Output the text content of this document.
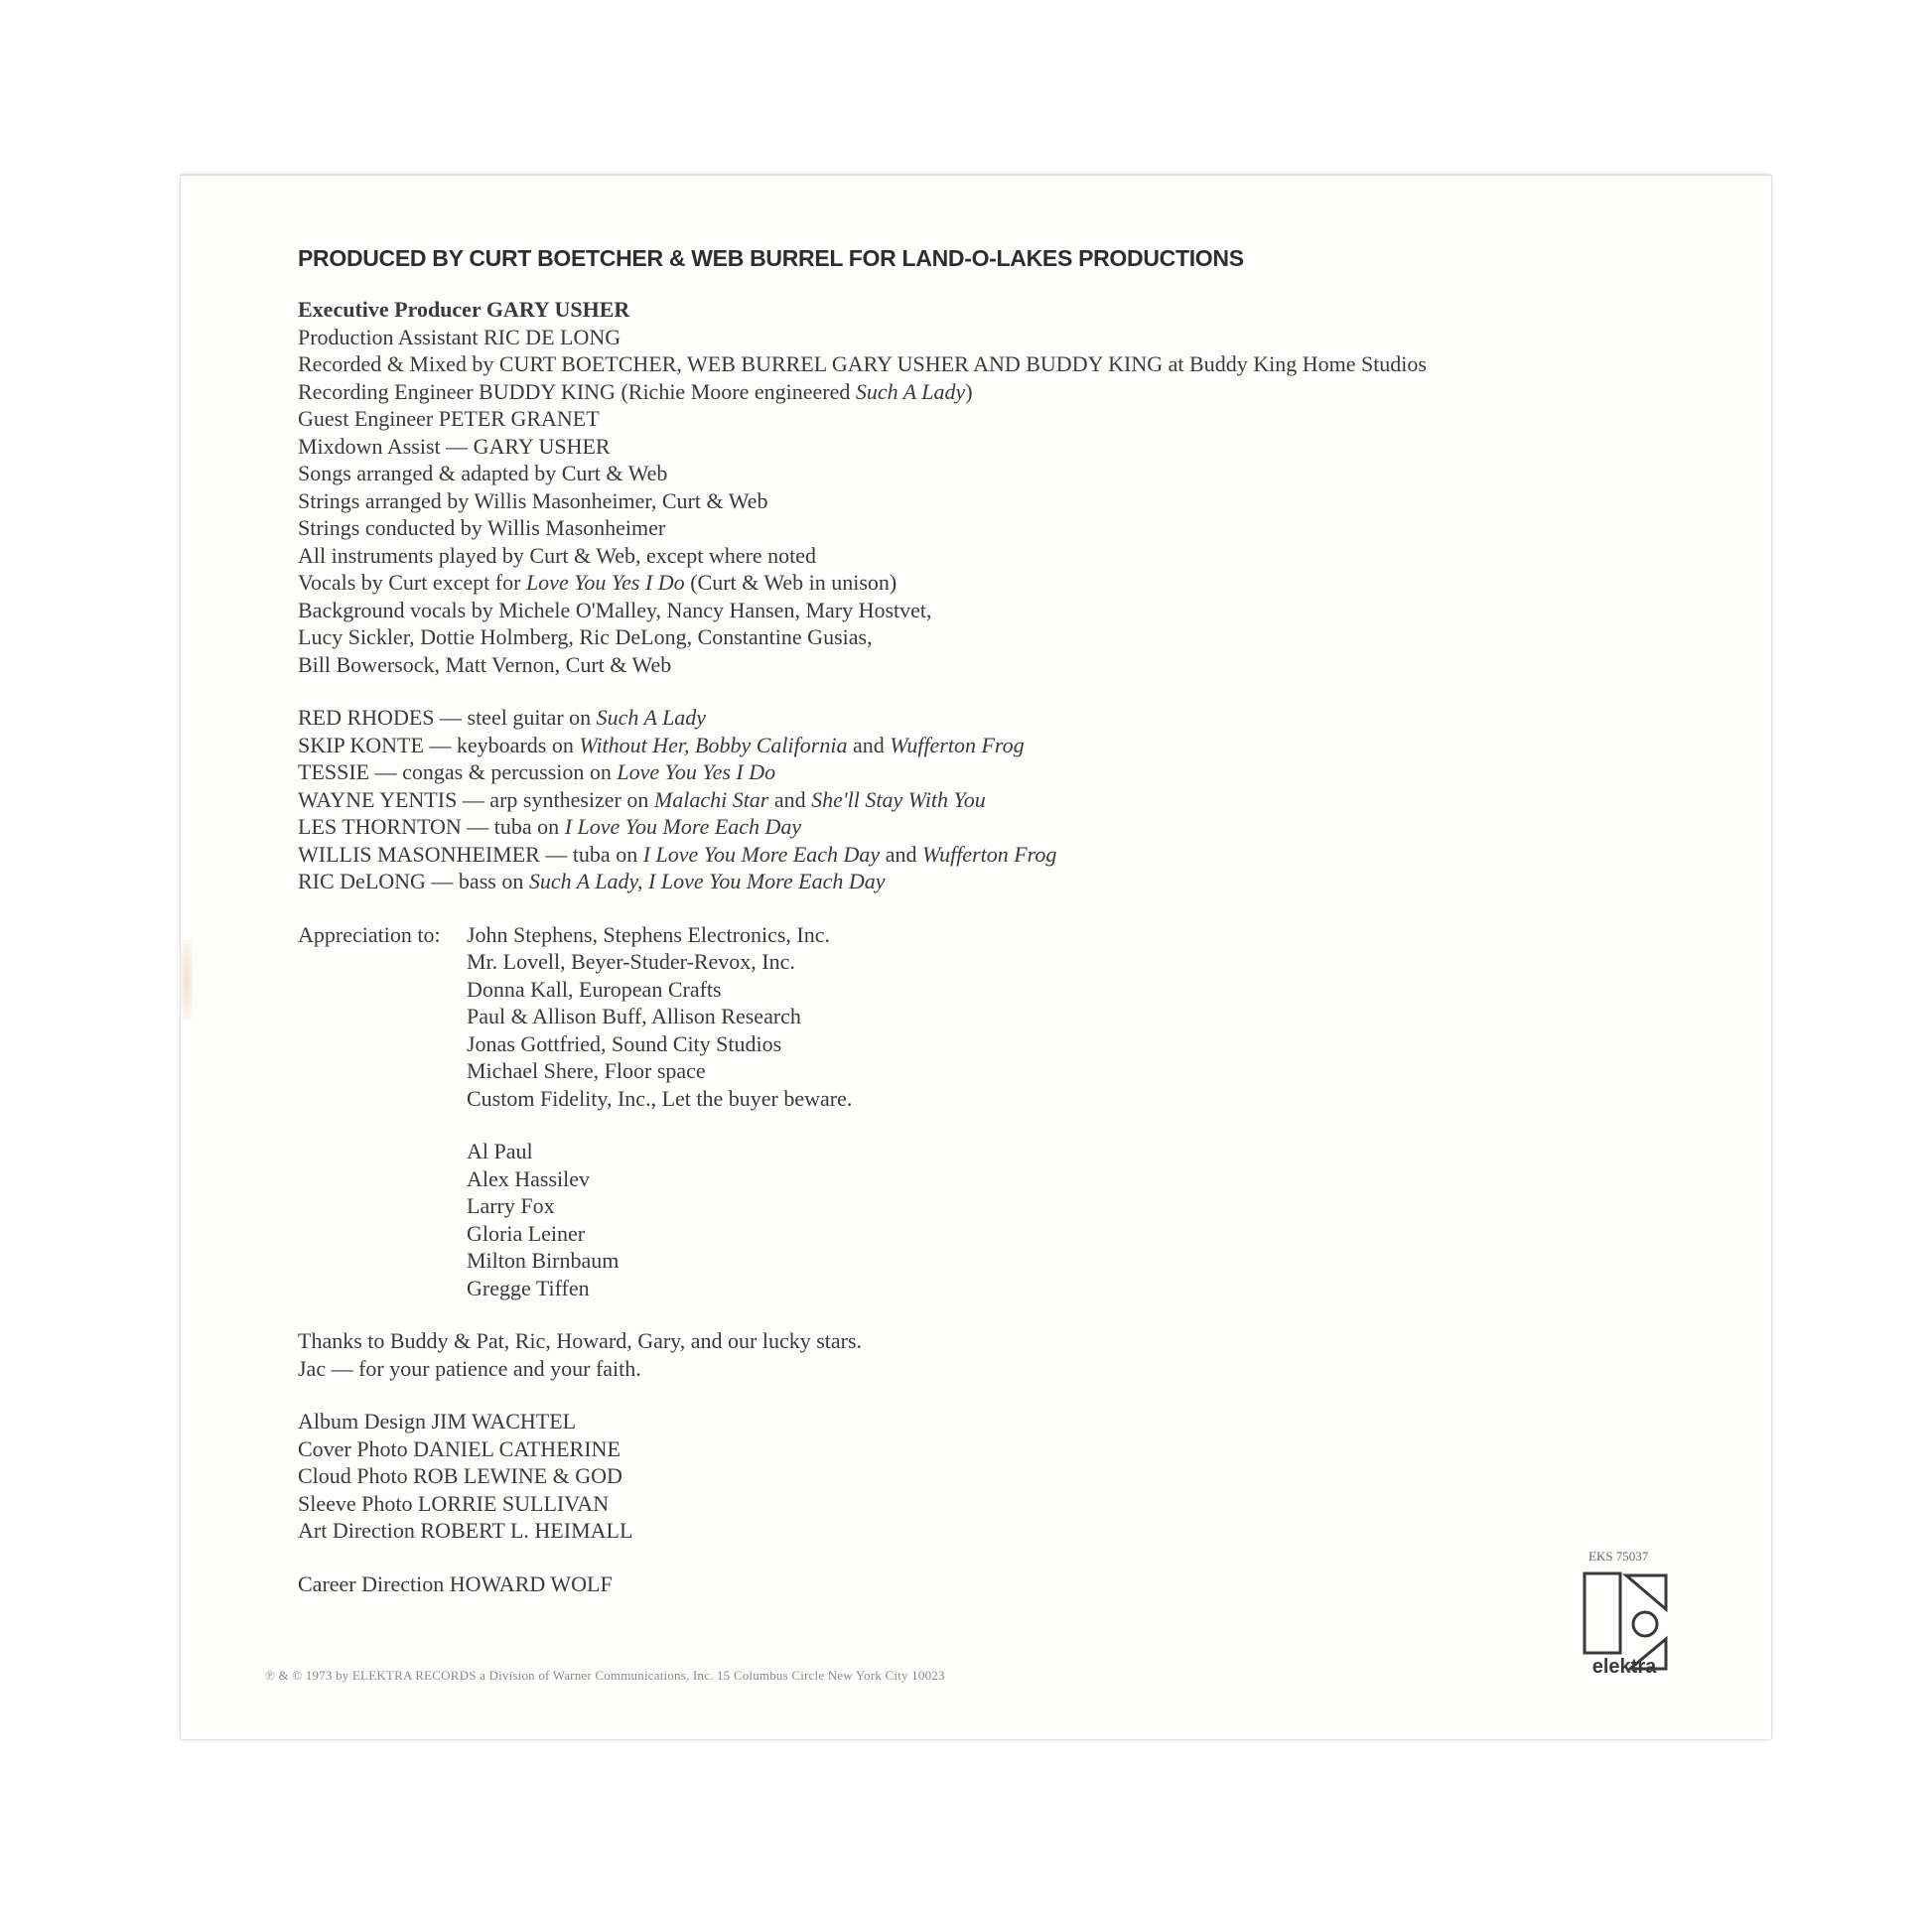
PRODUCED BY CURT BOETCHER & WEB BURREL FOR LAND-O-LAKES PRODUCTIONS
Executive Producer GARY USHER
Production Assistant RIC DE LONG
Recorded & Mixed by CURT BOETCHER, WEB BURREL GARY USHER AND BUDDY KING at Buddy King Home Studios
Recording Engineer BUDDY KING (Richie Moore engineered Such A Lady)
Guest Engineer PETER GRANET
Mixdown Assist — GARY USHER
Songs arranged & adapted by Curt & Web
Strings arranged by Willis Masonheimer, Curt & Web
Strings conducted by Willis Masonheimer
All instruments played by Curt & Web, except where noted
Vocals by Curt except for Love You Yes I Do (Curt & Web in unison)
Background vocals by Michele O'Malley, Nancy Hansen, Mary Hostvet,
Lucy Sickler, Dottie Holmberg, Ric DeLong, Constantine Gusias,
Bill Bowersock, Matt Vernon, Curt & Web
RED RHODES — steel guitar on Such A Lady
SKIP KONTE — keyboards on Without Her, Bobby California and Wufferton Frog
TESSIE — congas & percussion on Love You Yes I Do
WAYNE YENTIS — arp synthesizer on Malachi Star and She'll Stay With You
LES THORNTON — tuba on I Love You More Each Day
WILLIS MASONHEIMER — tuba on I Love You More Each Day and Wufferton Frog
RIC DeLONG — bass on Such A Lady, I Love You More Each Day
Appreciation to:	John Stephens, Stephens Electronics, Inc.
Mr. Lovell, Beyer-Studer-Revox, Inc.
Donna Kall, European Crafts
Paul & Allison Buff, Allison Research
Jonas Gottfried, Sound City Studios
Michael Shere, Floor space
Custom Fidelity, Inc., Let the buyer beware.
Al Paul
Alex Hassilev
Larry Fox
Gloria Leiner
Milton Birnbaum
Gregge Tiffen
Thanks to Buddy & Pat, Ric, Howard, Gary, and our lucky stars.
Jac — for your patience and your faith.
Album Design JIM WACHTEL
Cover Photo DANIEL CATHERINE
Cloud Photo ROB LEWINE & GOD
Sleeve Photo LORRIE SULLIVAN
Art Direction ROBERT L. HEIMALL
Career Direction HOWARD WOLF
℗ & © 1973 by ELEKTRA RECORDS a Division of Warner Communications, Inc. 15 Columbus Circle New York City 10023
EKS 75037
elektra
